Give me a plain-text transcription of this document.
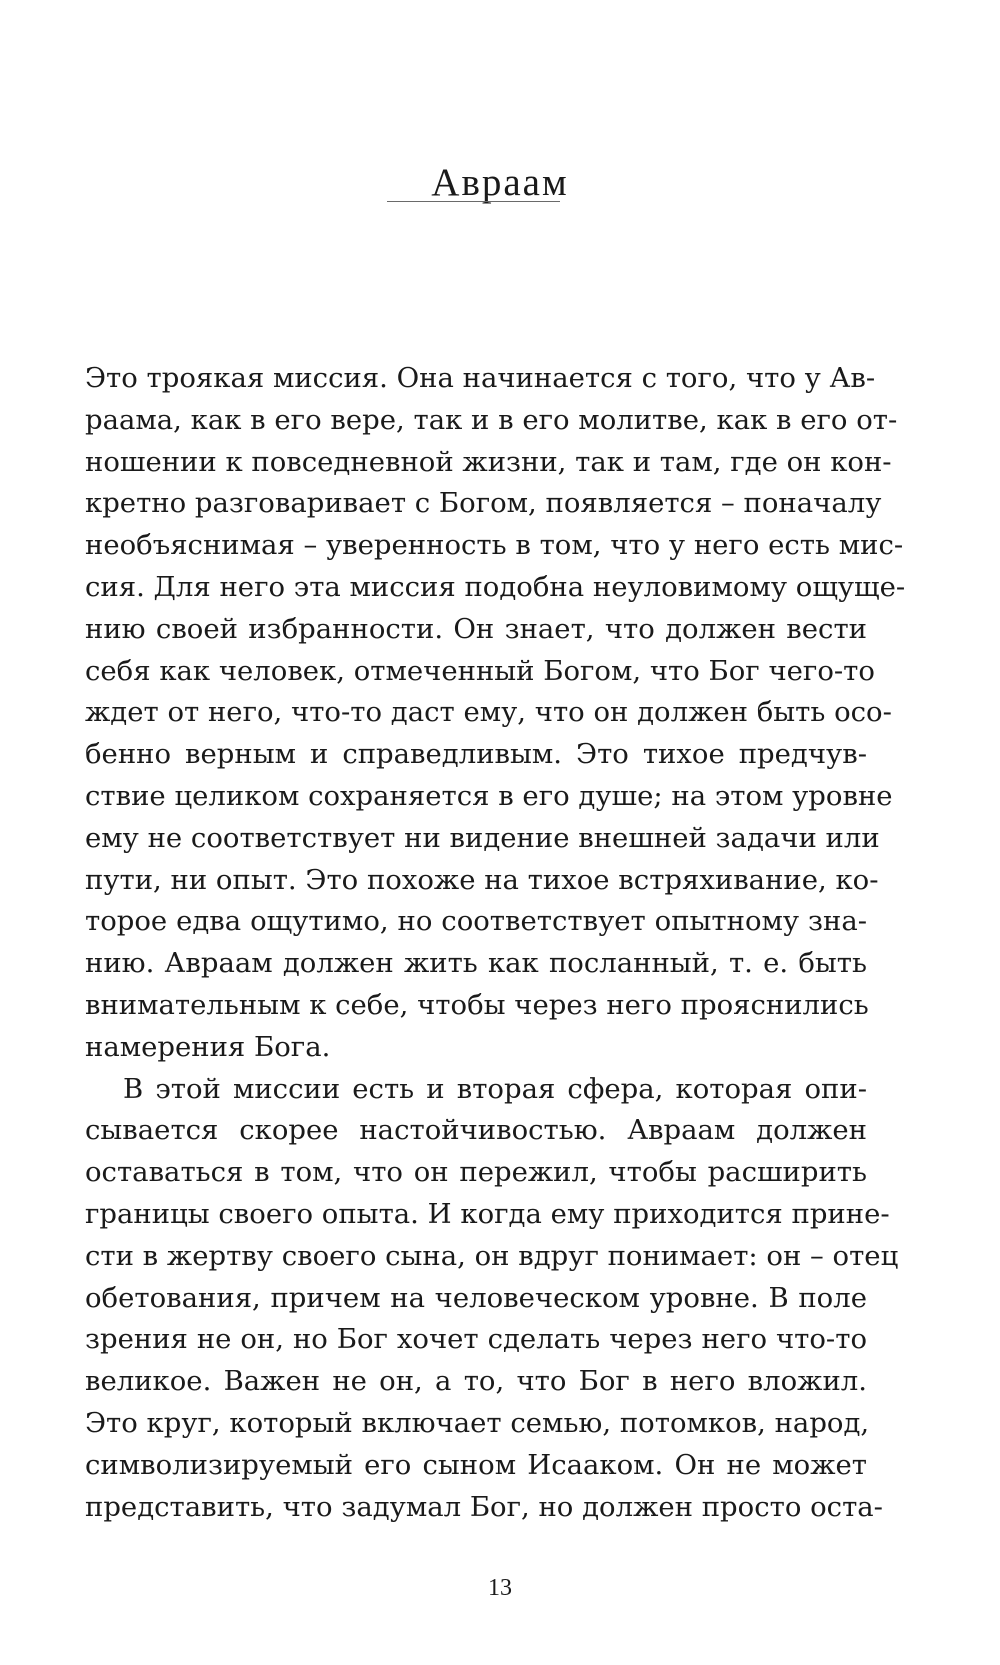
Авраам
Это троякая миссия. Она начинается с того, что у Ав-
раама, как в его вере, так и в его молитве, как в его от-
ношении к повседневной жизни, так и там, где он кон-
кретно разговаривает с Богом, появляется – поначалу
необъяснимая – уверенность в том, что у него есть мис-
сия. Для него эта миссия подобна неуловимому ощуще-
нию своей избранности. Он знает, что должен вести
себя как человек, отмеченный Богом, что Бог чего-то
ждет от него, что-то даст ему, что он должен быть осо-
бенно верным и справедливым. Это тихое предчув-
ствие целиком сохраняется в его душе; на этом уровне
ему не соответствует ни видение внешней задачи или
пути, ни опыт. Это похоже на тихое встряхивание, ко-
торое едва ощутимо, но соответствует опытному зна-
нию. Авраам должен жить как посланный, т. е. быть
внимательным к себе, чтобы через него прояснились
намерения Бога.
В этой миссии есть и вторая сфера, которая опи-
сывается скорее настойчивостью. Авраам должен
оставаться в том, что он пережил, чтобы расширить
границы своего опыта. И когда ему приходится прине-
сти в жертву своего сына, он вдруг понимает: он – отец
обетования, причем на человеческом уровне. В поле
зрения не он, но Бог хочет сделать через него что-то
великое. Важен не он, а то, что Бог в него вложил.
Это круг, который включает семью, потомков, народ,
символизируемый его сыном Исааком. Он не может
представить, что задумал Бог, но должен просто оста-
13
